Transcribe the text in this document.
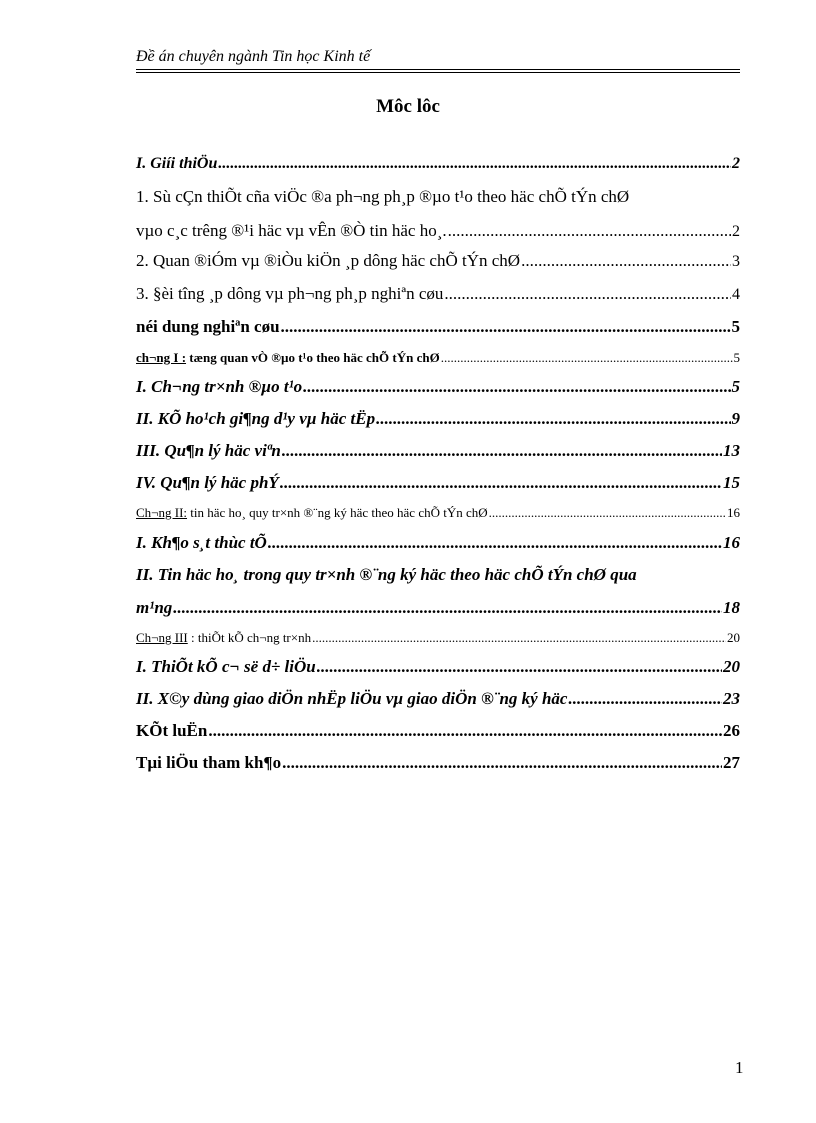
Đề án chuyên ngành Tin học Kinh tế
Môc lôc
I. Giíi thiÖu .....	2
1. Sù cÇn thiÕt cña viÖc ®a ph¬ng ph¸p ®µo t¹o theo häc chÕ tÝn chØ
vµo c¸c trêng ®¹i häc vµ vÊn ®Ò tin häc ho¸. .....	2
2. Quan ®iÓm vµ ®iÒu kiÖn ¸p dông häc chÕ tÝn chØ .....	3
3. §èi tîng ¸p dông vµ ph¬ng ph¸p nghiªn cøu .....	4
néi dung nghiªn cøu .....	5
ch¬ng I : tæng quan vÒ ®µo t¹o theo häc chÕ tÝn chØ .....	5
I. Ch¬ng tr×nh ®µo t¹o .....	5
II. KÕ ho¹ch gi¶ng d¹y vµ häc tËp .....	9
III. Qu¶n lý häc viªn .....	13
IV. Qu¶n lý häc phÝ .....	15
Ch¬ng II: tin häc ho¸ quy tr×nh ®¨ng ký häc theo häc chÕ tÝn chØ .....	16
I. Kh¶o s¸t thùc tÕ .....	16
II. Tin häc ho¸ trong quy tr×nh ®¨ng ký häc theo häc chÕ tÝn chØ qua
m¹ng .....	18
Ch¬ng III : thiÕt kÕ ch¬ng tr×nh .....	20
I. ThiÕt kÕ c¬ së d÷ liÖu .....	20
II. X©y dùng giao diÖn nhËp liÖu vµ giao diÖn ®¨ng ký häc .....	23
KÕt luËn .....	26
Tµi liÖu tham kh¶o .....	27
1
